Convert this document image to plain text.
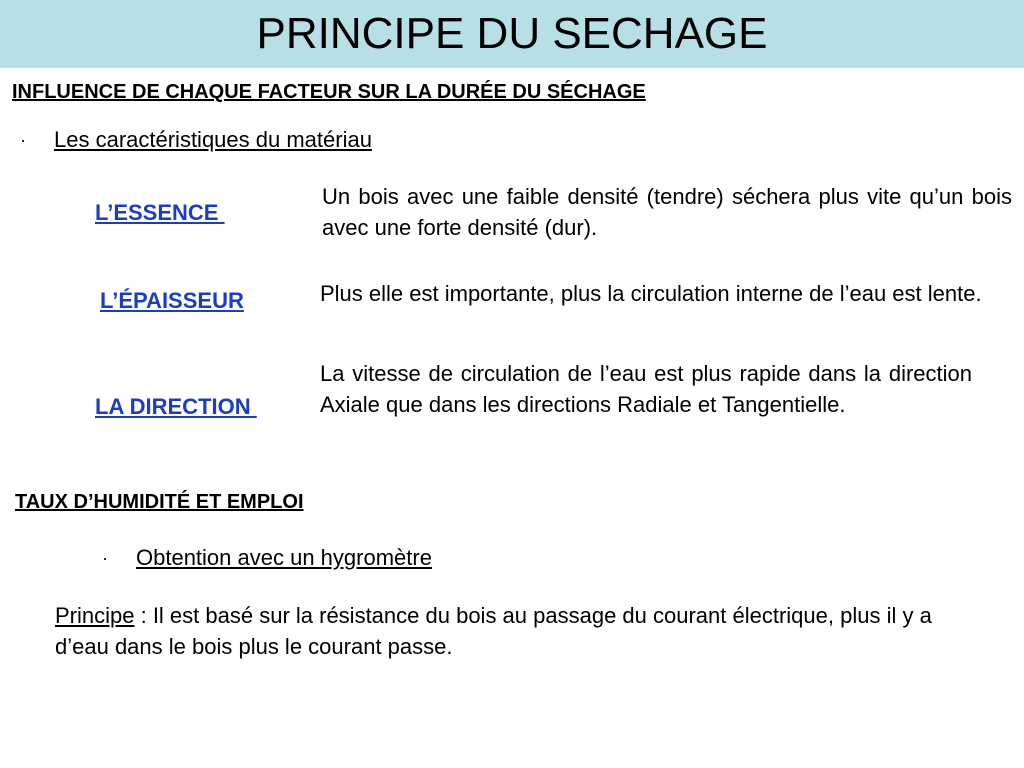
PRINCIPE DU SECHAGE
INFLUENCE DE CHAQUE FACTEUR SUR LA DURÉE DU SÉCHAGE
· Les caractéristiques du matériau
L’ESSENCE
Un bois avec une faible densité (tendre) séchera plus vite qu’un bois avec une forte densité (dur).
L’ÉPAISSEUR	Plus elle est importante, plus la circulation interne de l’eau est lente.
LA DIRECTION
La vitesse de circulation de l’eau est plus rapide dans la direction Axiale que dans les directions Radiale et Tangentielle.
TAUX D’HUMIDITÉ ET EMPLOI
· Obtention avec un hygromètre
Principe : Il est basé sur la résistance du bois au passage du courant électrique, plus il y a d’eau dans le bois plus le courant passe.
